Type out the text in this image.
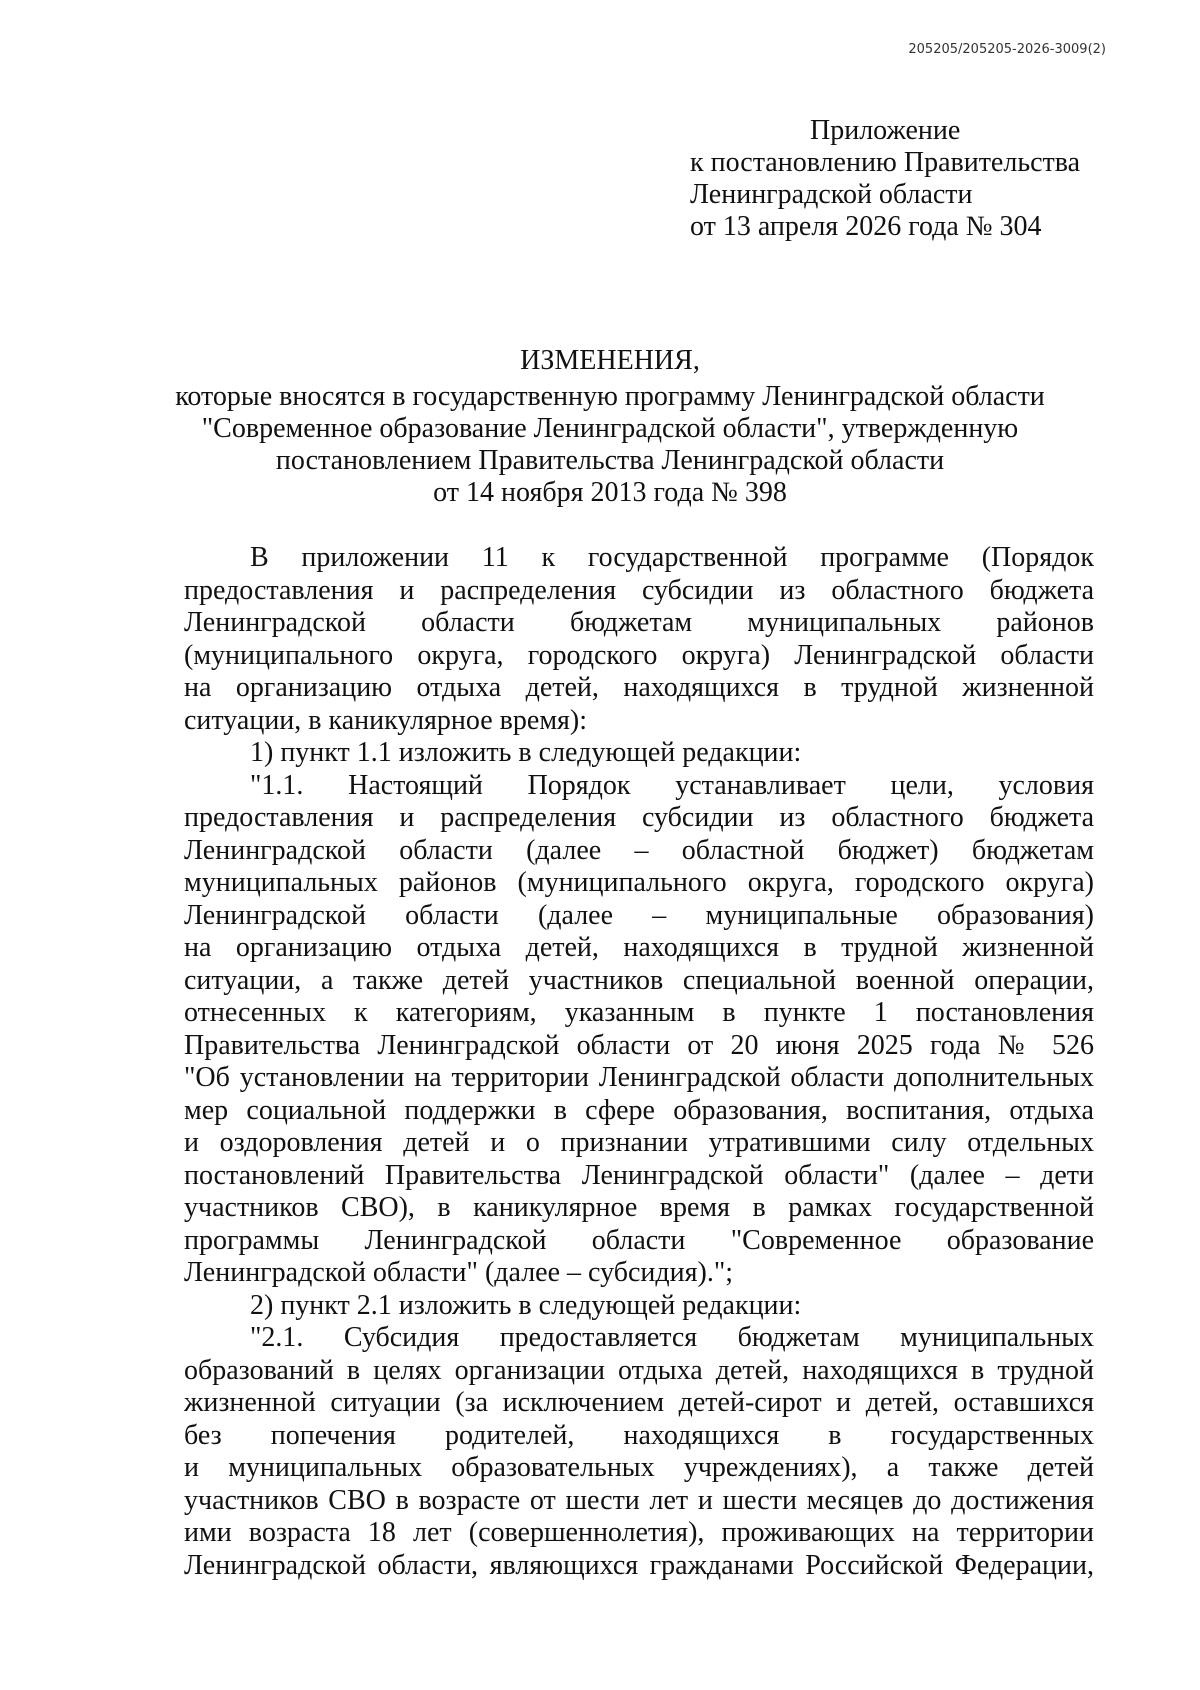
205205/205205-2026-3009(2)
Приложение
к постановлению Правительства
Ленинградской области
от 13 апреля 2026 года № 304
ИЗМЕНЕНИЯ,
которые вносятся в государственную программу Ленинградской области
"Современное образование Ленинградской области", утвержденную
постановлением Правительства Ленинградской области
от 14 ноября 2013 года № 398

В приложении 11 к государственной программе (Порядок
предоставления и распределения субсидии из областного бюджета
Ленинградской области бюджетам муниципальных районов
(муниципального округа, городского округа) Ленинградской области
на организацию отдыха детей, находящихся в трудной жизненной
ситуации, в каникулярное время):

1) пункт 1.1 изложить в следующей редакции:

"1.1. Настоящий Порядок устанавливает цели, условия
предоставления и распределения субсидии из областного бюджета
Ленинградской области (далее – областной бюджет) бюджетам
муниципальных районов (муниципального округа, городского округа)
Ленинградской области (далее – муниципальные образования)
на организацию отдыха детей, находящихся в трудной жизненной
ситуации, а также детей участников специальной военной операции,
отнесенных к категориям, указанным в пункте 1 постановления
Правительства Ленинградской области от 20 июня 2025 года № 526
"Об установлении на территории Ленинградской области дополнительных
мер социальной поддержки в сфере образования, воспитания, отдыха
и оздоровления детей и о признании утратившими силу отдельных
постановлений Правительства Ленинградской области" (далее – дети
участников СВО), в каникулярное время в рамках государственной
программы Ленинградской области "Современное образование
Ленинградской области" (далее – субсидия).";

2) пункт 2.1 изложить в следующей редакции:

"2.1. Субсидия предоставляется бюджетам муниципальных
образований в целях организации отдыха детей, находящихся в трудной
жизненной ситуации (за исключением детей-сирот и детей, оставшихся
без попечения родителей, находящихся в государственных
и муниципальных образовательных учреждениях), а также детей
участников СВО в возрасте от шести лет и шести месяцев до достижения
ими возраста 18 лет (совершеннолетия), проживающих на территории
Ленинградской области, являющихся гражданами Российской Федерации,
